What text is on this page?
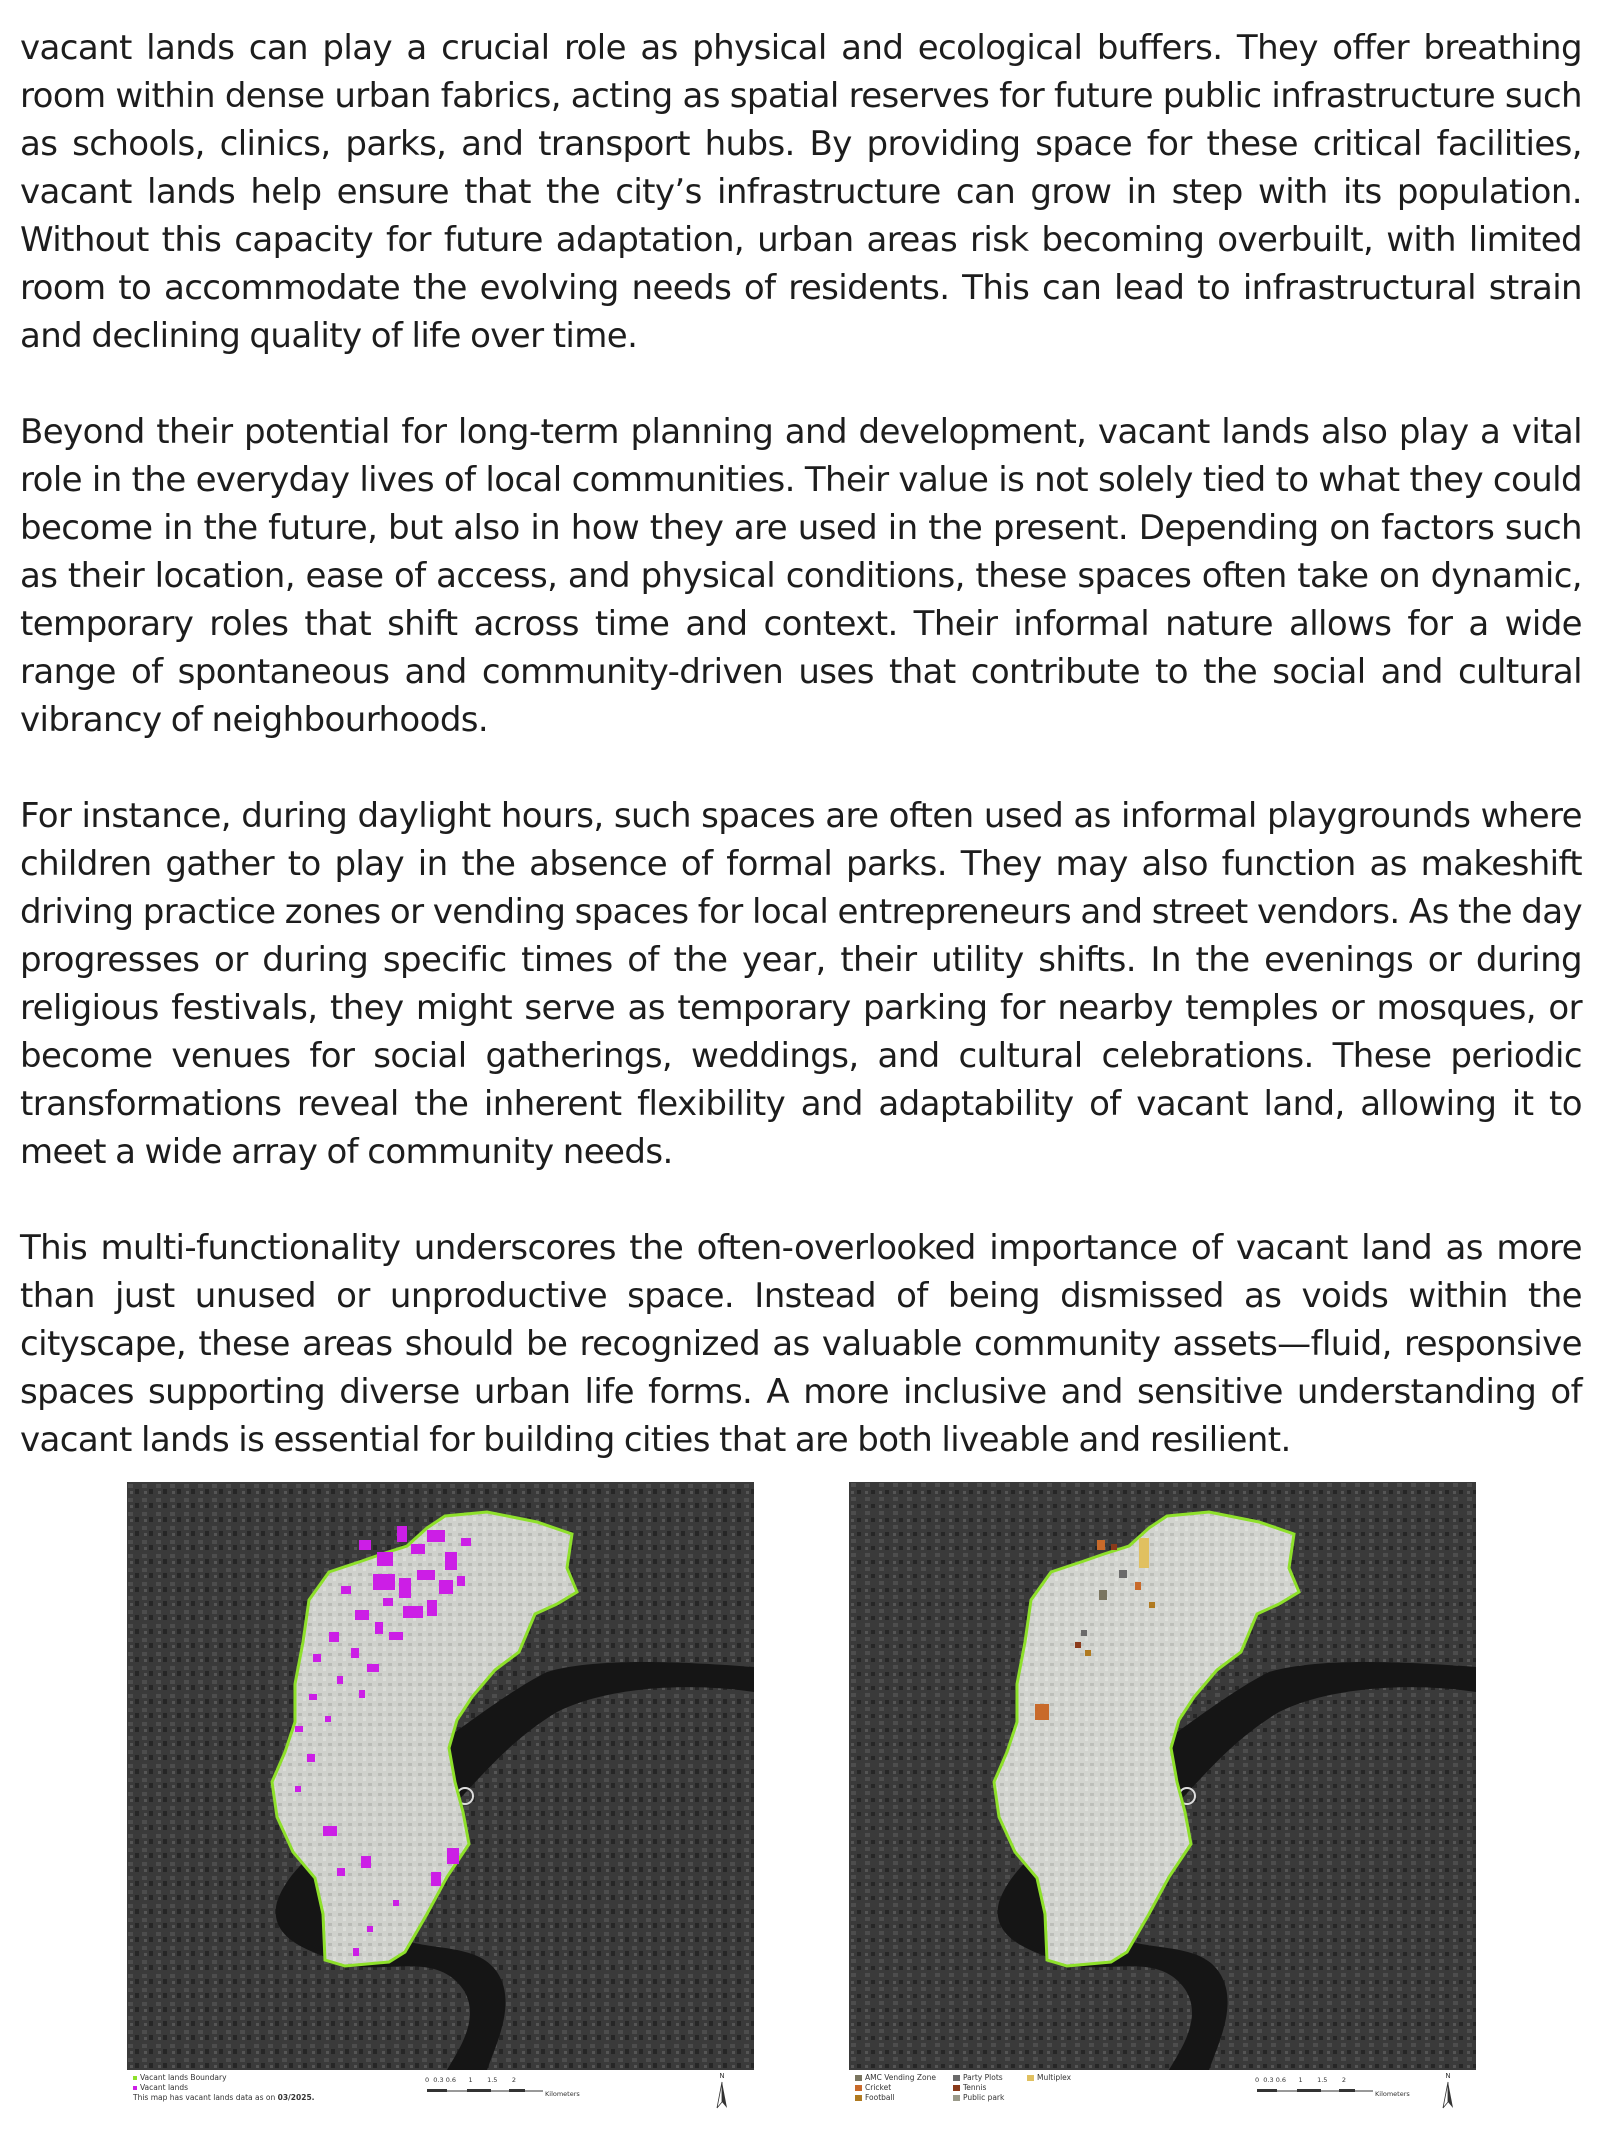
vacant lands can play a crucial role as physical and ecological buffers. They offer breathing room within dense urban fabrics, acting as spatial reserves for future public infrastructure such as schools, clinics, parks, and transport hubs. By providing space for these critical facilities, vacant lands help ensure that the city’s infrastructure can grow in step with its population. Without this capacity for future adaptation, urban areas risk becoming overbuilt, with limited room to accommodate the evolving needs of residents. This can lead to infrastructural strain and declining quality of life over time.

Beyond their potential for long-term planning and development, vacant lands also play a vital role in the everyday lives of local communities. Their value is not solely tied to what they could become in the future, but also in how they are used in the present. Depending on factors such as their location, ease of access, and physical conditions, these spaces often take on dynamic, temporary roles that shift across time and context. Their informal nature allows for a wide range of spontaneous and community-driven uses that contribute to the social and cultural vibrancy of neighbourhoods.

For instance, during daylight hours, such spaces are often used as informal playgrounds where children gather to play in the absence of formal parks. They may also function as makeshift driving practice zones or vending spaces for local entrepreneurs and street vendors. As the day progresses or during specific times of the year, their utility shifts. In the evenings or during religious festivals, they might serve as temporary parking for nearby temples or mosques, or become venues for social gatherings, weddings, and cultural celebrations. These periodic transformations reveal the inherent flexibility and adaptability of vacant land, allowing it to meet a wide array of community needs.

This multi-functionality underscores the often-overlooked importance of vacant land as more than just unused or unproductive space. Instead of being dismissed as voids within the cityscape, these areas should be recognized as valuable community assets—fluid, responsive spaces supporting diverse urban life forms. A more inclusive and sensitive understanding of vacant lands is essential for building cities that are both liveable and resilient.

Vacant lands Boundary
Vacant lands
This map has vacant lands data as on 03/2025.
0 0.3 0.6 1 1.5 2
Kilometers
N	AMC Vending Zone
Cricket
Football
Party Plots
Tennis
Public park
Multiplex	0 0.3 0.6 1 1.5 2
Kilometers
N
